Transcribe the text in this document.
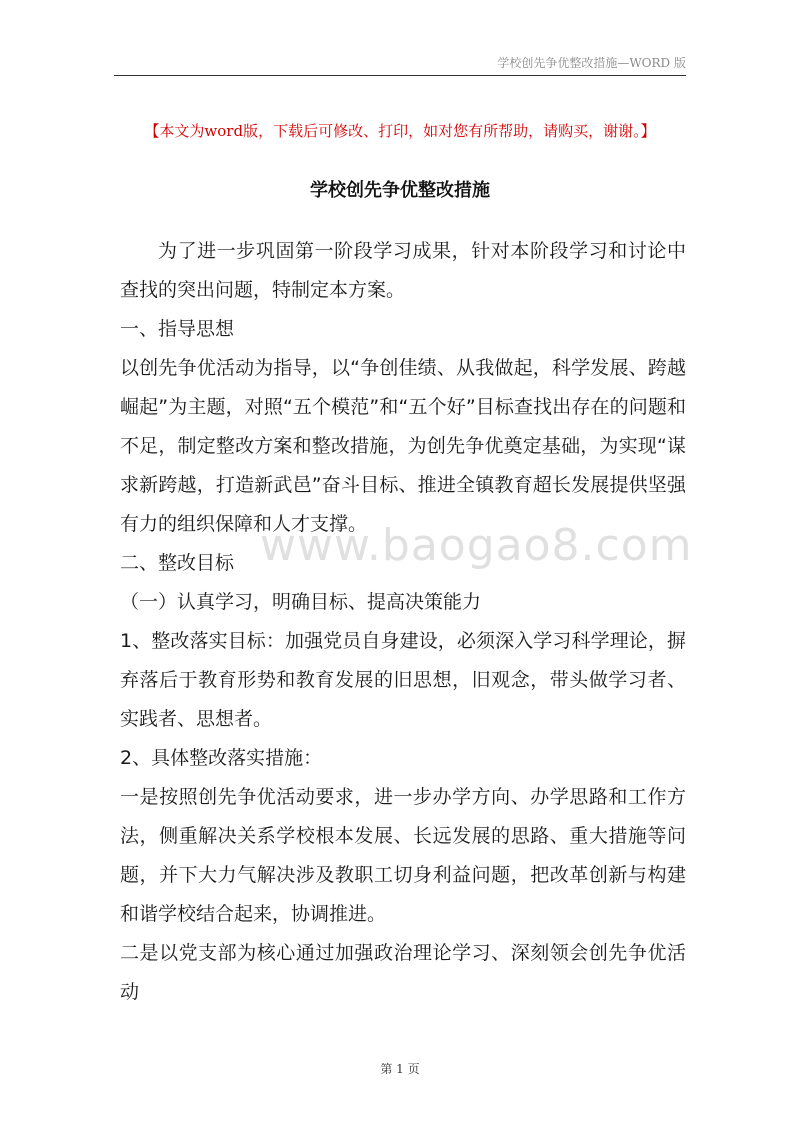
学校创先争优整改措施—WORD 版
【本文为word版，下载后可修改、打印，如对您有所帮助，请购买，谢谢。】
学校创先争优整改措施

为了进一步巩固第一阶段学习成果，针对本阶段学习和讨论中查找的突出问题，特制定本方案。

一、指导思想

以创先争优活动为指导，以“争创佳绩、从我做起，科学发展、跨越崛起”为主题，对照“五个模范”和“五个好”目标查找出存在的问题和不足，制定整改方案和整改措施，为创先争优奠定基础，为实现“谋求新跨越，打造新武邑”奋斗目标、推进全镇教育超长发展提供坚强有力的组织保障和人才支撑。

二、整改目标

（一）认真学习，明确目标、提高决策能力

1、整改落实目标：加强党员自身建设，必须深入学习科学理论，摒弃落后于教育形势和教育发展的旧思想，旧观念，带头做学习者、实践者、思想者。

2、具体整改落实措施：

一是按照创先争优活动要求，进一步办学方向、办学思路和工作方法，侧重解决关系学校根本发展、长远发展的思路、重大措施等问题，并下大力气解决涉及教职工切身利益问题，把改革创新与构建和谐学校结合起来，协调推进。

二是以党支部为核心通过加强政治理论学习、深刻领会创先争优活动

www.baogao8.com
第 1 页
